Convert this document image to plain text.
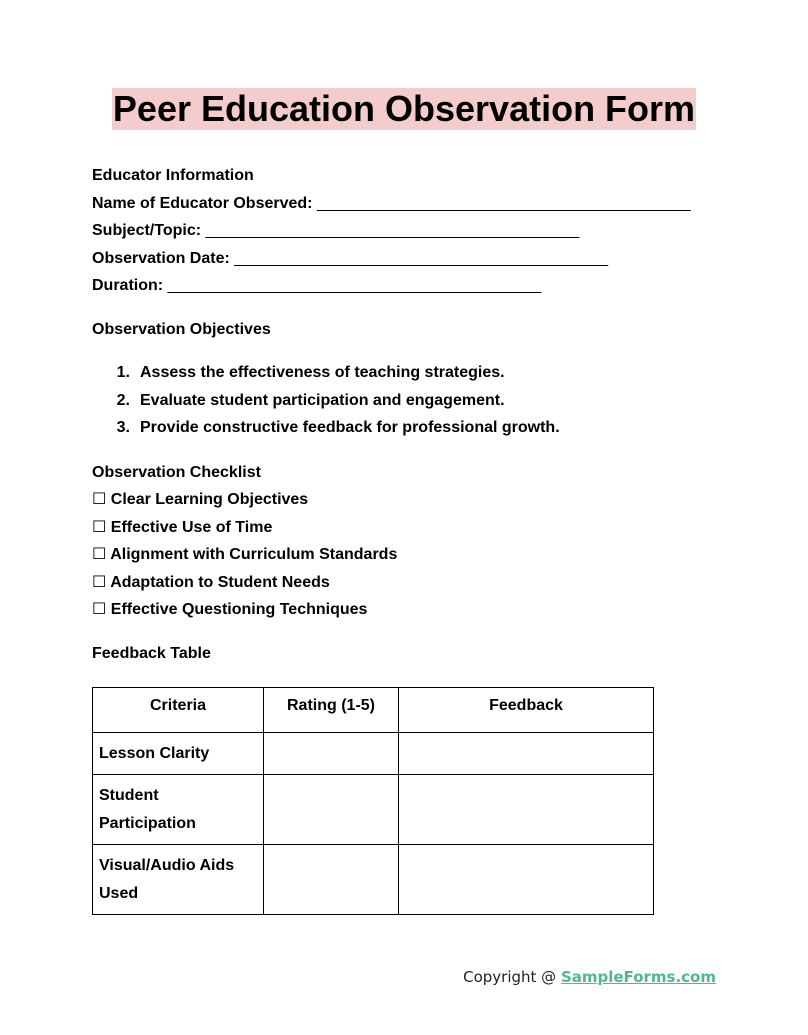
Peer Education Observation Form
Educator Information
Name of Educator Observed: __________________________________________
Subject/Topic: __________________________________________
Observation Date: __________________________________________
Duration: __________________________________________
Observation Objectives
1. Assess the effectiveness of teaching strategies.
2. Evaluate student participation and engagement.
3. Provide constructive feedback for professional growth.
Observation Checklist
☐ Clear Learning Objectives
☐ Effective Use of Time
☐ Alignment with Curriculum Standards
☐ Adaptation to Student Needs
☐ Effective Questioning Techniques
Feedback Table
Criteria	Rating (1-5)	Feedback
Lesson Clarity		
Student Participation		
Visual/Audio Aids Used		
Copyright @ SampleForms.com
